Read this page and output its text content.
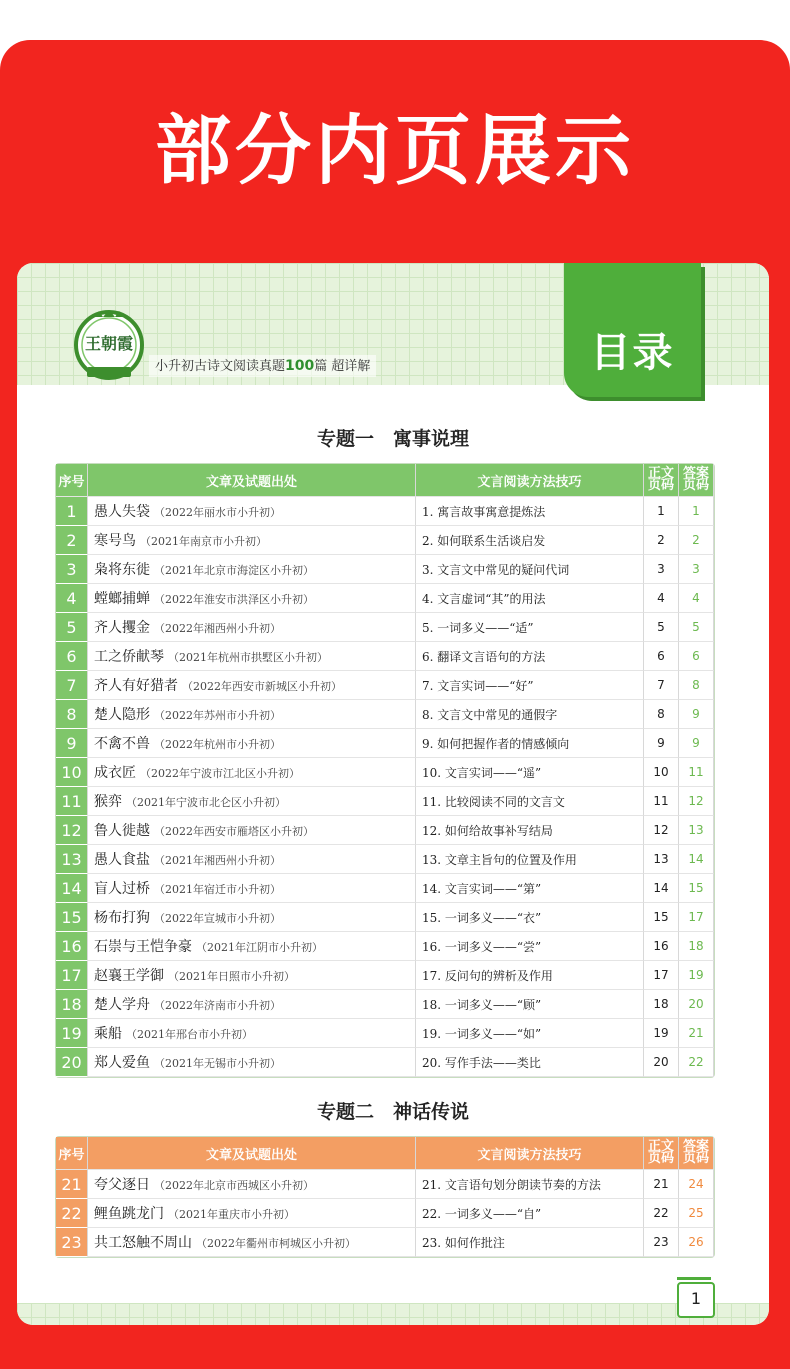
部分内页展示
王朝霞
小升初古诗文阅读真题100篇 超详解	目录
专题一　寓事说理
序号	文章及试题出处	文言阅读方法技巧	正文页码	答案页码
1	愚人失袋 （2022年丽水市小升初）	1. 寓言故事寓意提炼法	1	1
2	寒号鸟 （2021年南京市小升初）	2. 如何联系生活谈启发	2	2
3	枭将东徙 （2021年北京市海淀区小升初）	3. 文言文中常见的疑问代词	3	3
4	螳螂捕蝉 （2022年淮安市洪泽区小升初）	4. 文言虚词“其”的用法	4	4
5	齐人攫金 （2022年湘西州小升初）	5. 一词多义——“适”	5	5
6	工之侨献琴 （2021年杭州市拱墅区小升初）	6. 翻译文言语句的方法	6	6
7	齐人有好猎者 （2022年西安市新城区小升初）	7. 文言实词——“好”	7	8
8	楚人隐形 （2022年苏州市小升初）	8. 文言文中常见的通假字	8	9
9	不禽不兽 （2022年杭州市小升初）	9. 如何把握作者的情感倾向	9	9
10	成衣匠 （2022年宁波市江北区小升初）	10. 文言实词——“遥”	10	11
11	猴弈 （2021年宁波市北仑区小升初）	11. 比较阅读不同的文言文	11	12
12	鲁人徙越 （2022年西安市雁塔区小升初）	12. 如何给故事补写结局	12	13
13	愚人食盐 （2021年湘西州小升初）	13. 文章主旨句的位置及作用	13	14
14	盲人过桥 （2021年宿迁市小升初）	14. 文言实词——“第”	14	15
15	杨布打狗 （2022年宣城市小升初）	15. 一词多义——“衣”	15	17
16	石崇与王恺争豪 （2021年江阴市小升初）	16. 一词多义——“尝”	16	18
17	赵襄王学御 （2021年日照市小升初）	17. 反问句的辨析及作用	17	19
18	楚人学舟 （2022年济南市小升初）	18. 一词多义——“顾”	18	20
19	乘船 （2021年邢台市小升初）	19. 一词多义——“如”	19	21
20	郑人爱鱼 （2021年无锡市小升初）	20. 写作手法——类比	20	22
专题二　神话传说
序号	文章及试题出处	文言阅读方法技巧	正文页码	答案页码
21	夸父逐日 （2022年北京市西城区小升初）	21. 文言语句划分朗读节奏的方法	21	24
22	鲤鱼跳龙门 （2021年重庆市小升初）	22. 一词多义——“自”	22	25
23	共工怒触不周山 （2022年衢州市柯城区小升初）	23. 如何作批注	23	26
1
